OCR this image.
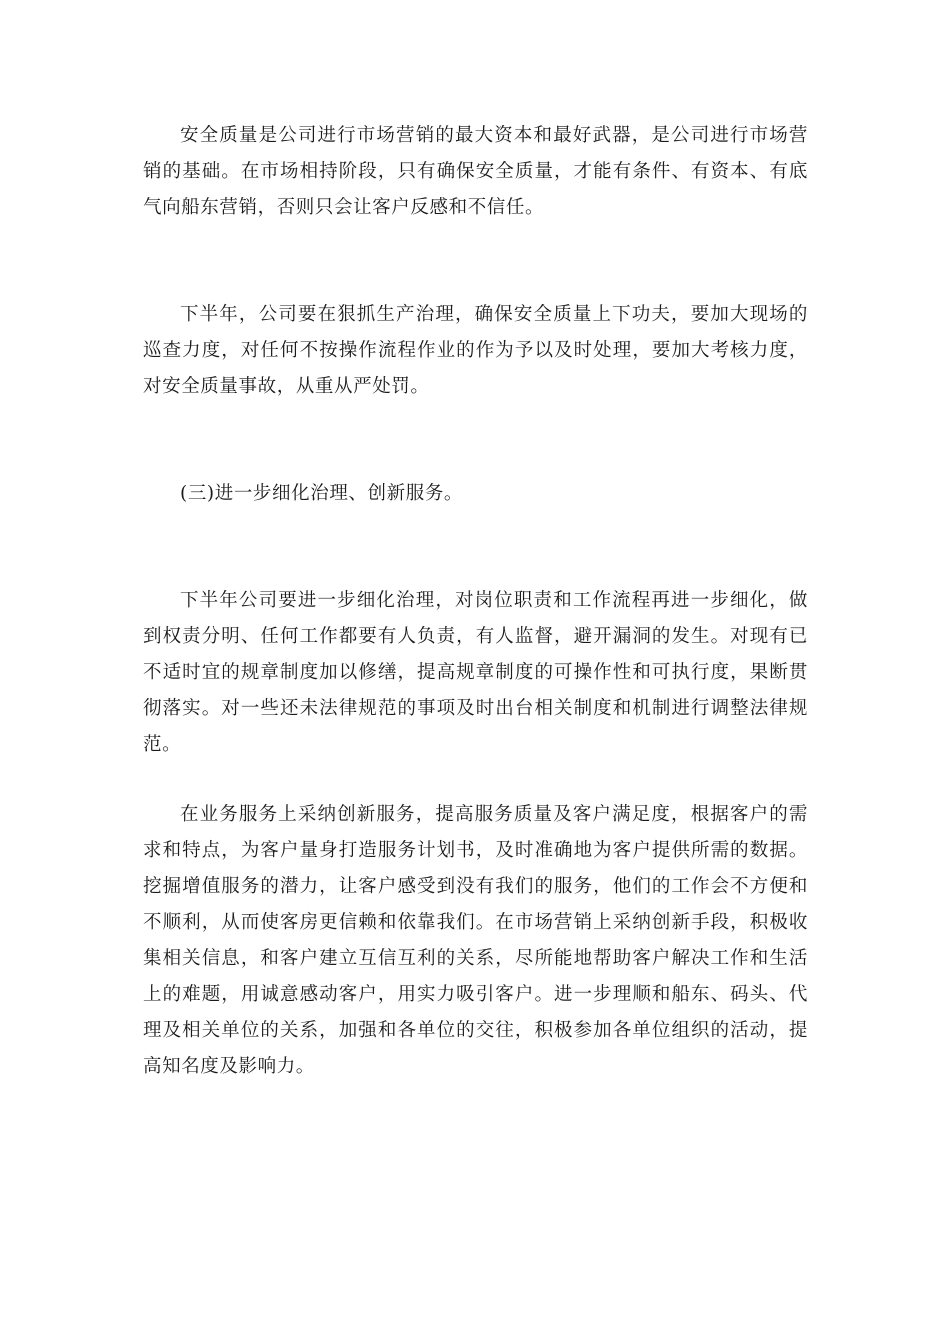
安全质量是公司进行市场营销的最大资本和最好武器，是公司进行市场营销的基础。在市场相持阶段，只有确保安全质量，才能有条件、有资本、有底气向船东营销，否则只会让客户反感和不信任。

下半年，公司要在狠抓生产治理，确保安全质量上下功夫，要加大现场的巡查力度，对任何不按操作流程作业的作为予以及时处理，要加大考核力度，对安全质量事故，从重从严处罚。

(三)进一步细化治理、创新服务。

下半年公司要进一步细化治理，对岗位职责和工作流程再进一步细化，做到权责分明、任何工作都要有人负责，有人监督，避开漏洞的发生。对现有已不适时宜的规章制度加以修缮，提高规章制度的可操作性和可执行度，果断贯彻落实。对一些还未法律规范的事项及时出台相关制度和机制进行调整法律规范。

在业务服务上采纳创新服务，提高服务质量及客户满足度，根据客户的需求和特点，为客户量身打造服务计划书，及时准确地为客户提供所需的数据。挖掘增值服务的潜力，让客户感受到没有我们的服务，他们的工作会不方便和不顺利，从而使客房更信赖和依靠我们。在市场营销上采纳创新手段，积极收集相关信息，和客户建立互信互利的关系，尽所能地帮助客户解决工作和生活上的难题，用诚意感动客户，用实力吸引客户。进一步理顺和船东、码头、代理及相关单位的关系，加强和各单位的交往，积极参加各单位组织的活动，提高知名度及影响力。
